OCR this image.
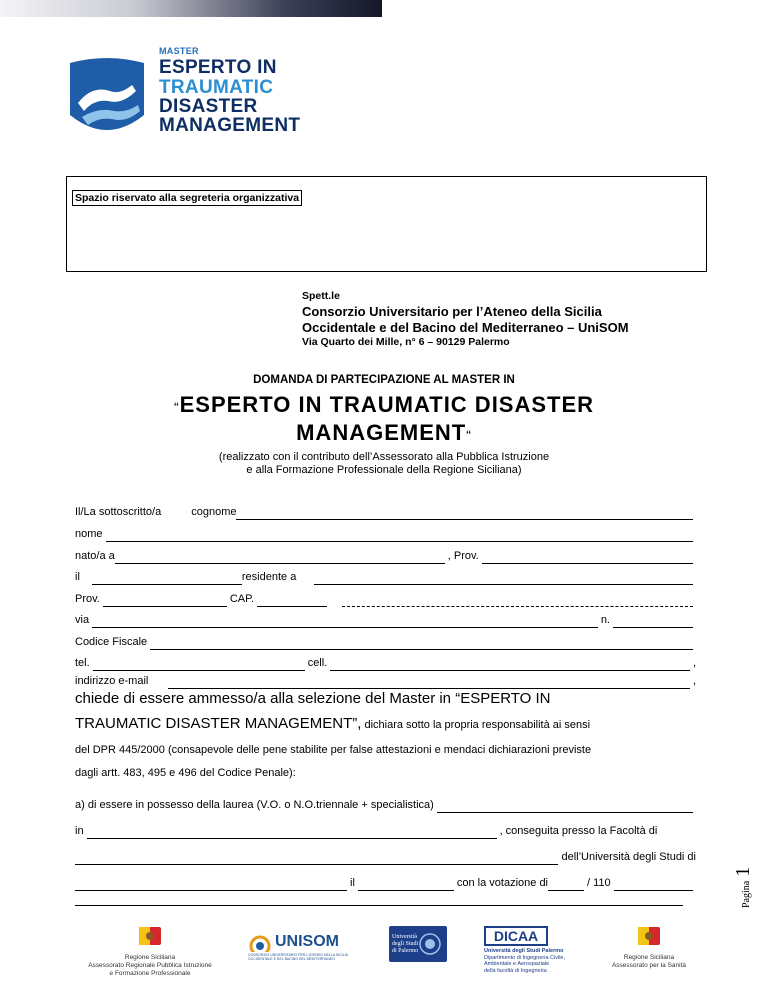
MASTER
ESPERTO IN
TRAUMATIC
DISASTER
MANAGEMENT
Spazio riservato alla segreteria organizzativa
Spett.le
Consorzio Universitario per l’Ateneo della Sicilia
Occidentale e del Bacino del Mediterraneo – UniSOM
Via Quarto dei Mille, n° 6 – 90129 Palermo
DOMANDA DI PARTECIPAZIONE AL MASTER IN
“ESPERTO IN TRAUMATIC DISASTER
MANAGEMENT“
(realizzato con il contributo dell’Assessorato alla Pubblica Istruzione
e alla Formazione Professionale della Regione Siciliana)
Il/La sottoscritto/a	cognome
nome
nato/a a	, Prov.
il	residente a
Prov.	CAP.
via	n.
Codice Fiscale
tel.	cell.	,
indirizzo e-mail	,
chiede di essere ammesso/a alla selezione del Master in “ESPERTO IN
TRAUMATIC DISASTER MANAGEMENT”, dichiara sotto la propria responsabilità ai sensi
del DPR 445/2000 (consapevole delle pene stabilite per false attestazioni e mendaci dichiarazioni previste
dagli artt. 483, 495 e 496 del Codice Penale):
a) di essere in possesso della laurea (V.O. o N.O.triennale + specialistica)
in	, conseguita presso la Facoltà di
dell’Università degli Studi di
il	con la votazione di	/ 110	Pagina 1
Regione Siciliana
Assessorato Regionale Pubblica Istruzione
e Formazione Professionale
UNISOM
CONSORZIO UNIVERSITARIO PER L'ATENEO DELLA SICILIA OCCIDENTALE E DEL BACINO DEL MEDITERRANEO
Università
degli Studi
di Palermo
DICAA
Università degli Studi Palermo
Dipartimento di Ingegneria Civile,
Ambientale e Aerospaziale
della facoltà di Ingegneria
Regione Siciliana
Assessorato per la Sanità
